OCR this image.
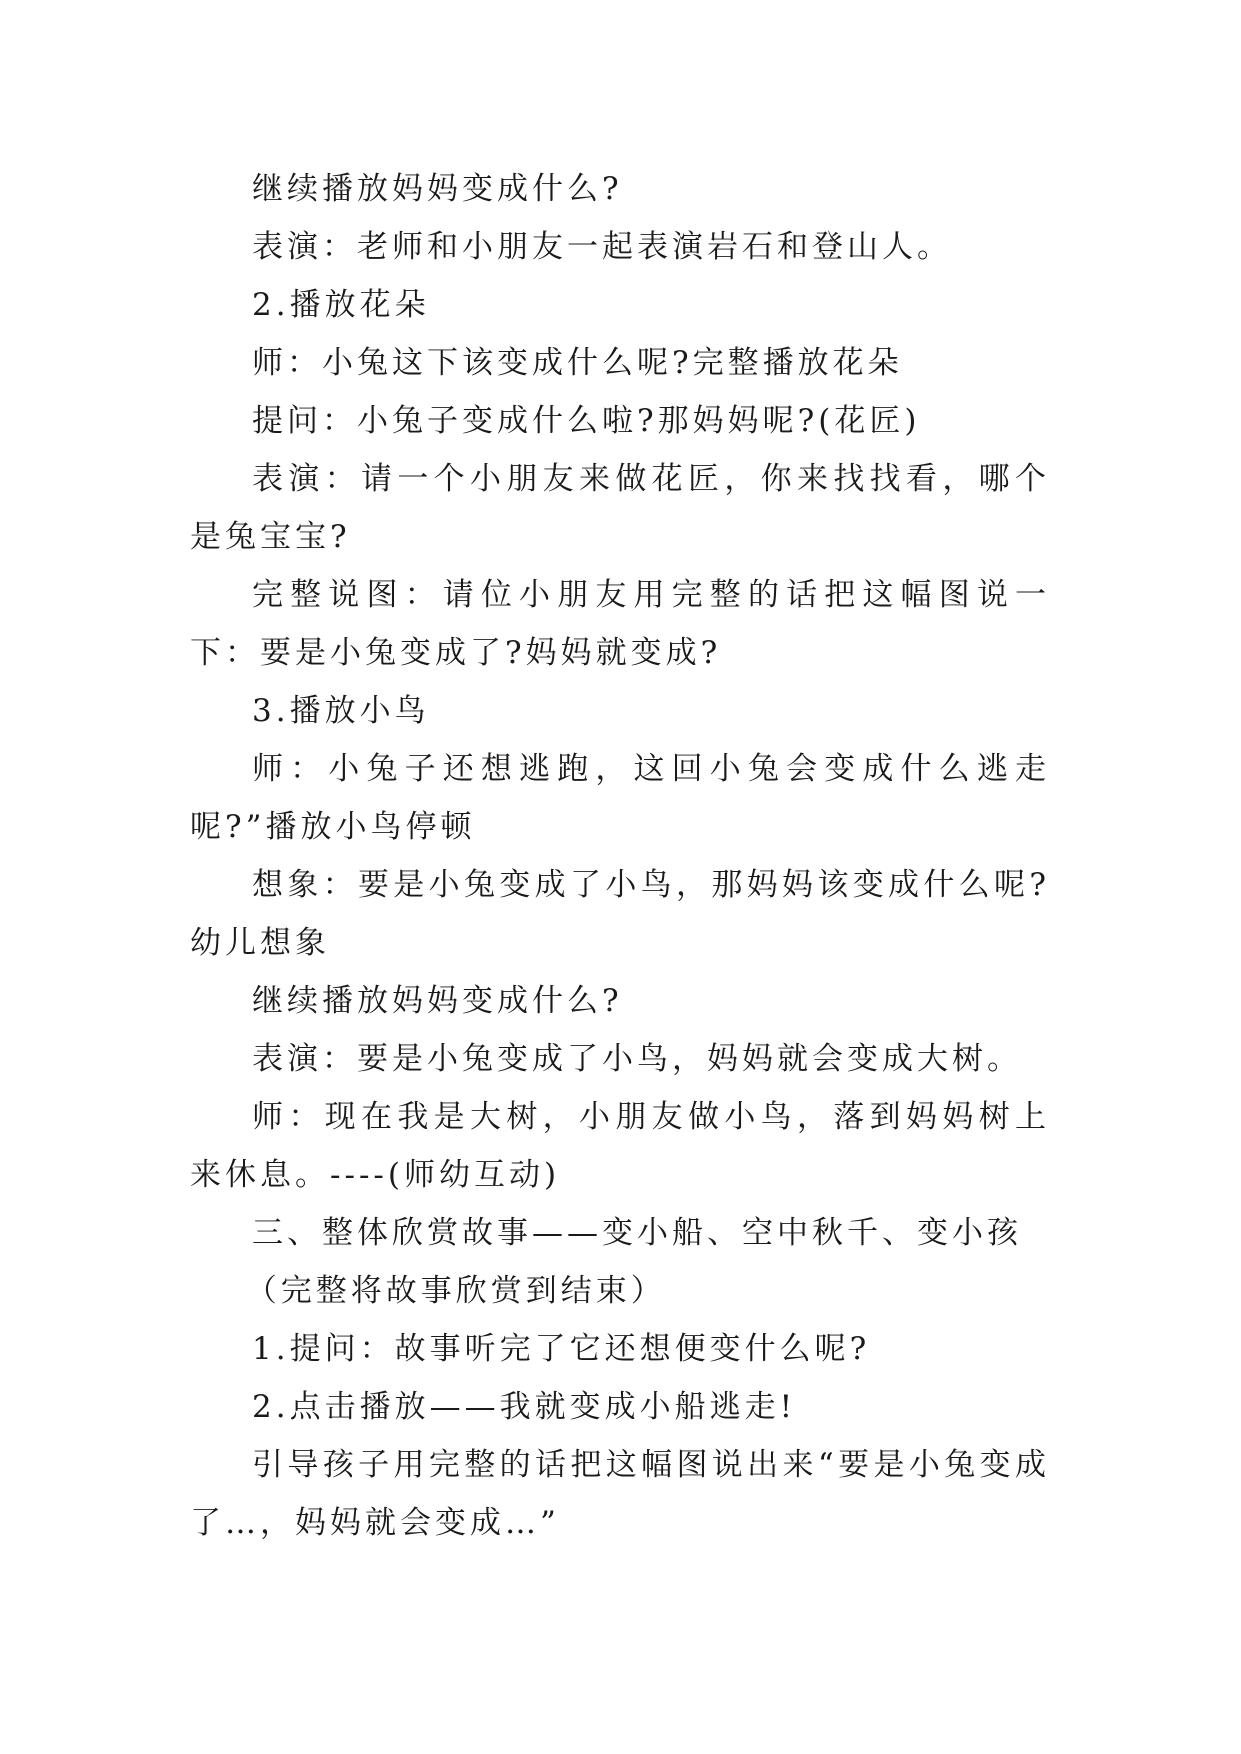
继续播放妈妈变成什么?

表演：老师和小朋友一起表演岩石和登山人。

2.播放花朵

师：小兔这下该变成什么呢?完整播放花朵

提问：小兔子变成什么啦?那妈妈呢?(花匠)

表演：请一个小朋友来做花匠，你来找找看，哪个是兔宝宝?

完整说图：请位小朋友用完整的话把这幅图说一下：要是小兔变成了?妈妈就变成?

3.播放小鸟

师：小兔子还想逃跑，这回小兔会变成什么逃走呢?”播放小鸟停顿

想象：要是小兔变成了小鸟，那妈妈该变成什么呢?幼儿想象

继续播放妈妈变成什么?

表演：要是小兔变成了小鸟，妈妈就会变成大树。

师：现在我是大树，小朋友做小鸟，落到妈妈树上来休息。----(师幼互动)

三、整体欣赏故事——变小船、空中秋千、变小孩

（完整将故事欣赏到结束）

1.提问：故事听完了它还想便变什么呢?

2.点击播放——我就变成小船逃走!

引导孩子用完整的话把这幅图说出来“要是小兔变成了…，妈妈就会变成…”
